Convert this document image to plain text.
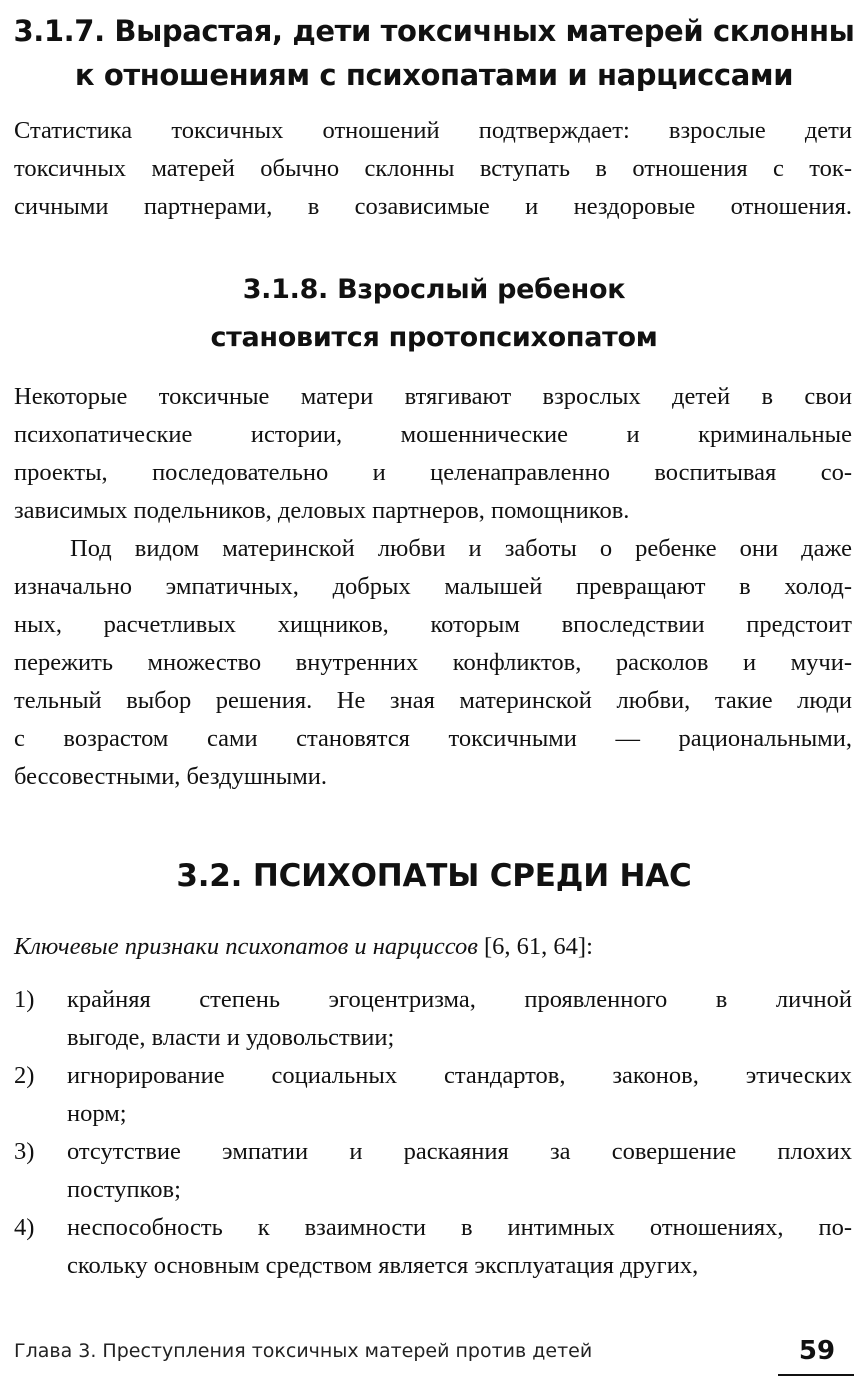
3.1.7. Вырастая, дети токсичных матерей склонны
к отношениям с психопатами и нарциссами
Статистика токсичных отношений подтверждает: взрослые дети
токсичных матерей обычно склонны вступать в отношения с ток-
сичными партнерами, в созависимые и нездоровые отношения.
3.1.8. Взрослый ребенок
становится протопсихопатом
Некоторые токсичные матери втягивают взрослых детей в свои
психопатические истории, мошеннические и криминальные
проекты, последовательно и целенаправленно воспитывая со-
зависимых подельников, деловых партнеров, помощников.
Под видом материнской любви и заботы о ребенке они даже
изначально эмпатичных, добрых малышей превращают в холод-
ных, расчетливых хищников, которым впоследствии предстоит
пережить множество внутренних конфликтов, расколов и мучи-
тельный выбор решения. Не зная материнской любви, такие люди
с возрастом сами становятся токсичными — рациональными,
бессовестными, бездушными.
3.2. ПСИХОПАТЫ СРЕДИ НАС
Ключевые признаки психопатов и нарциссов [6, 61, 64]:
1)	крайняя степень эгоцентризма, проявленного в личной
выгоде, власти и удовольствии;
2)	игнорирование социальных стандартов, законов, этических
норм;
3)	отсутствие эмпатии и раскаяния за совершение плохих
поступков;
4)	неспособность к взаимности в интимных отношениях, по-
скольку основным средством является эксплуатация других,
Глава 3. Преступления токсичных матерей против детей	59
